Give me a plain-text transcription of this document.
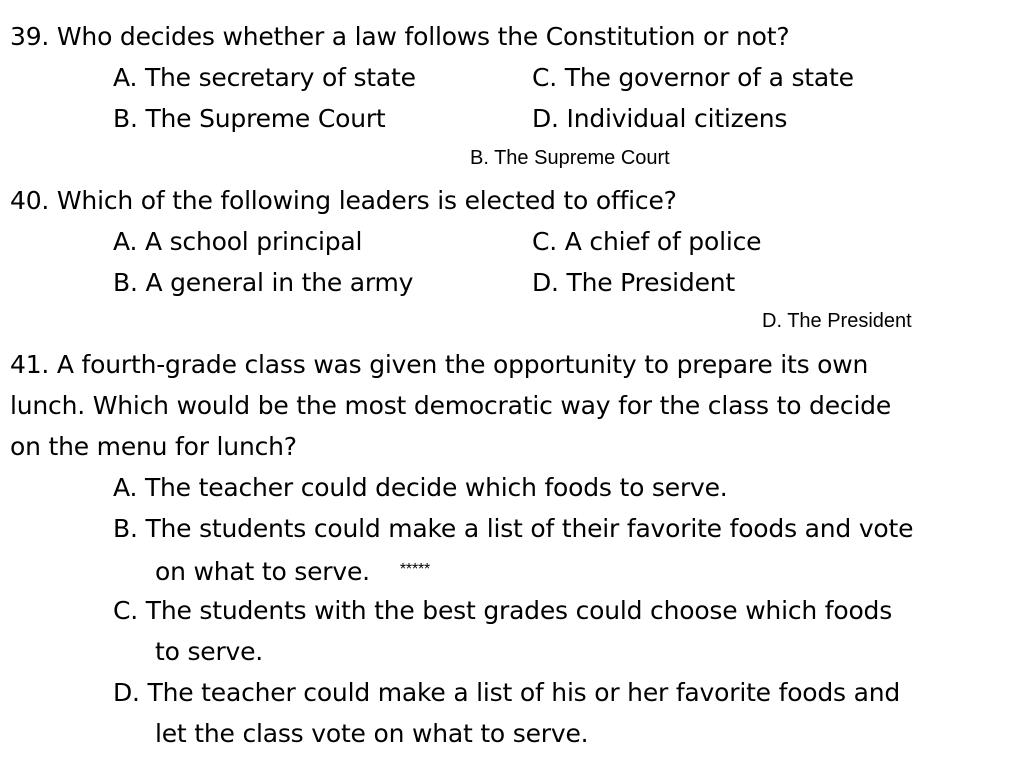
39. Who decides whether a law follows the Constitution or not?
A. The secretary of state	C. The governor of a state
B. The Supreme Court	D. Individual citizens
B. The Supreme Court
40. Which of the following leaders is elected to office?
A. A school principal	C. A chief of police
B. A general in the army	D. The President
D. The President
41. A fourth-grade class was given the opportunity to prepare its own
lunch. Which would be the most democratic way for the class to decide
on the menu for lunch?
A. The teacher could decide which foods to serve.
B. The students could make a list of their favorite foods and vote
on what to serve. *****
C. The students with the best grades could choose which foods
to serve.
D. The teacher could make a list of his or her favorite foods and
let the class vote on what to serve.
